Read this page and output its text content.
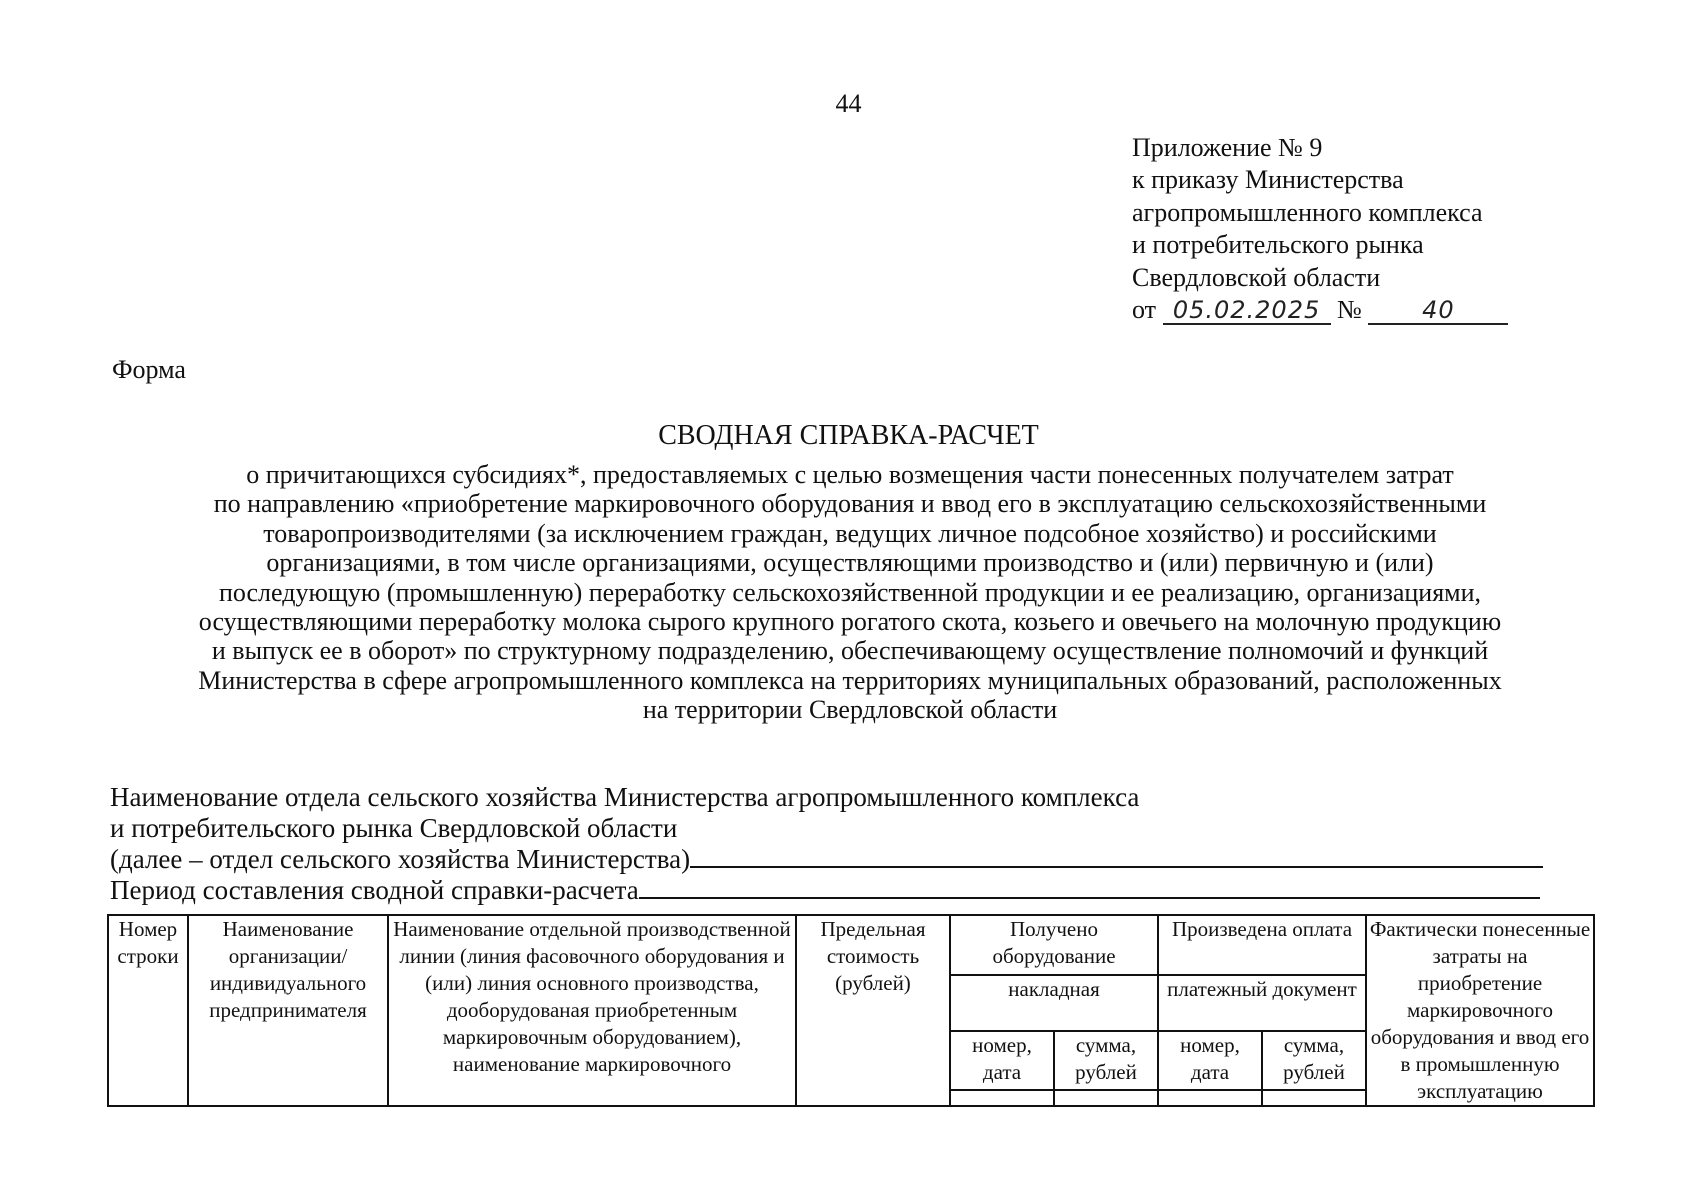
44
Приложение № 9
к приказу Министерства
агропромышленного комплекса
и потребительского рынка
Свердловской области
от 05.02.2025 №	40
Форма
СВОДНАЯ СПРАВКА-РАСЧЕТ
о причитающихся субсидиях*, предоставляемых с целью возмещения части понесенных получателем затрат
по направлению «приобретение маркировочного оборудования и ввод его в эксплуатацию сельскохозяйственными
товаропроизводителями (за исключением граждан, ведущих личное подсобное хозяйство) и российскими
организациями, в том числе организациями, осуществляющими производство и (или) первичную и (или)
последующую (промышленную) переработку сельскохозяйственной продукции и ее реализацию, организациями,
осуществляющими переработку молока сырого крупного рогатого скота, козьего и овечьего на молочную продукцию
и выпуск ее в оборот» по структурному подразделению, обеспечивающему осуществление полномочий и функций
Министерства в сфере агропромышленного комплекса на территориях муниципальных образований, расположенных
на территории Свердловской области
Наименование отдела сельского хозяйства Министерства агропромышленного комплекса
и потребительского рынка Свердловской области
(далее – отдел сельского хозяйства Министерства)
Период составления сводной справки-расчета
Номер строки	Наименование организации/ индивидуального предпринимателя	Наименование отдельной производственной линии (линия фасовочного оборудования и (или) линия основного производства, дооборудованая приобретенным маркировочным оборудованием), наименование маркировочного	Предельная стоимость (рублей)	Получено оборудование		Произведена оплата		Фактически понесенные затраты на приобретение маркировочного оборудования и ввод его в промышленную эксплуатацию
				накладная		платежный документ		
				номер, дата	сумма, рублей	номер, дата	сумма, рублей	
